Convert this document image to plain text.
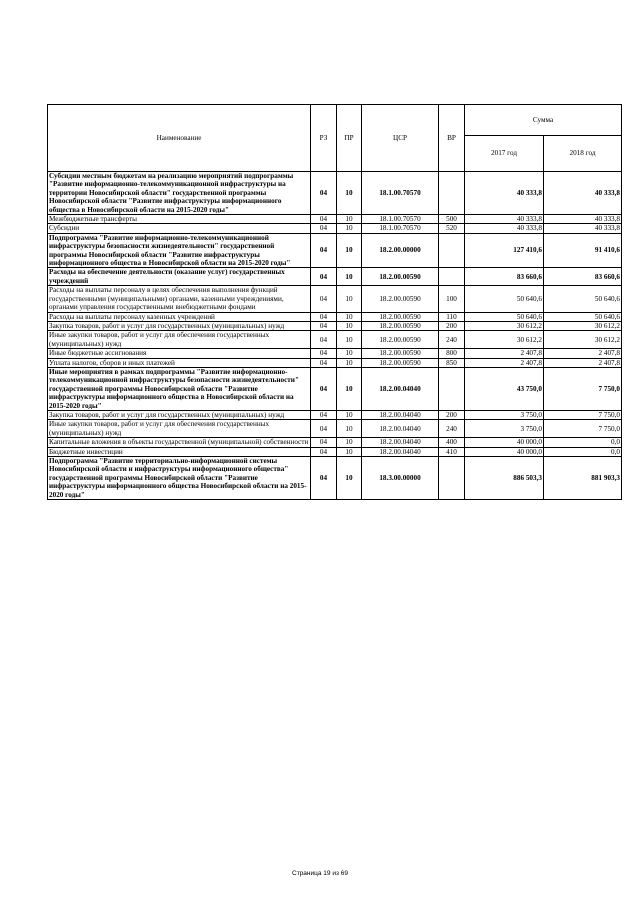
Наименование	РЗ	ПР	ЦСР	ВР	Сумма	
					2017 год	2018 год
Субсидии местным бюджетам на реализацию мероприятий подпрограммы "Развитие информационно-телекоммуникационной инфраструктуры на территории Новосибирской области" государственной программы Новосибирской области "Развитие инфраструктуры информационного общества в Новосибирской области на 2015-2020 годы"	04	10	18.1.00.70570		40 333,8	40 333,8
Межбюджетные трансферты	04	10	18.1.00.70570	500	40 333,8	40 333,8
Субсидии	04	10	18.1.00.70570	520	40 333,8	40 333,8
Подпрограмма "Развитие информационно-телекоммуникационной инфраструктуры безопасности жизнедеятельности" государственной программы Новосибирской области "Развитие инфраструктуры информационного общества в Новосибирской области на 2015-2020 годы"	04	10	18.2.00.00000		127 410,6	91 410,6
Расходы на обеспечение деятельности (оказание услуг) государственных учреждений	04	10	18.2.00.00590		83 660,6	83 660,6
Расходы на выплаты персоналу в целях обеспечения выполнения функций государственными (муниципальными) органами, казенными учреждениями, органами управления государственными внебюджетными фондами	04	10	18.2.00.00590	100	50 640,6	50 640,6
Расходы на выплаты персоналу казенных учреждений	04	10	18.2.00.00590	110	50 640,6	50 640,6
Закупка товаров, работ и услуг для государственных (муниципальных) нужд	04	10	18.2.00.00590	200	30 612,2	30 612,2
Иные закупки товаров, работ и услуг для обеспечения государственных (муниципальных) нужд	04	10	18.2.00.00590	240	30 612,2	30 612,2
Иные бюджетные ассигнования	04	10	18.2.00.00590	800	2 407,8	2 407,8
Уплата налогов, сборов и иных платежей	04	10	18.2.00.00590	850	2 407,8	2 407,8
Иные мероприятия в рамках подпрограммы "Развитие информационно-телекоммуникационной инфраструктуры безопасности жизнедеятельности" государственной программы Новосибирской области "Развитие инфраструктуры информационного общества в Новосибирской области на 2015-2020 годы"	04	10	18.2.00.04040		43 750,0	7 750,0
Закупка товаров, работ и услуг для государственных (муниципальных) нужд	04	10	18.2.00.04040	200	3 750,0	7 750,0
Иные закупки товаров, работ и услуг для обеспечения государственных (муниципальных) нужд	04	10	18.2.00.04040	240	3 750,0	7 750,0
Капитальные вложения в объекты государственной (муниципальной) собственности	04	10	18.2.00.04040	400	40 000,0	0,0
Бюджетные инвестиции	04	10	18.2.00.04040	410	40 000,0	0,0
Подпрограмма "Развитие территориально-информационной системы Новосибирской области и инфраструктуры информационного общества" государственной программы Новосибирской области "Развитие инфраструктуры информационного общества Новосибирской области на 2015-2020 годы"	04	10	18.3.00.00000		886 503,3	881 903,3
Страница 19 из 69
